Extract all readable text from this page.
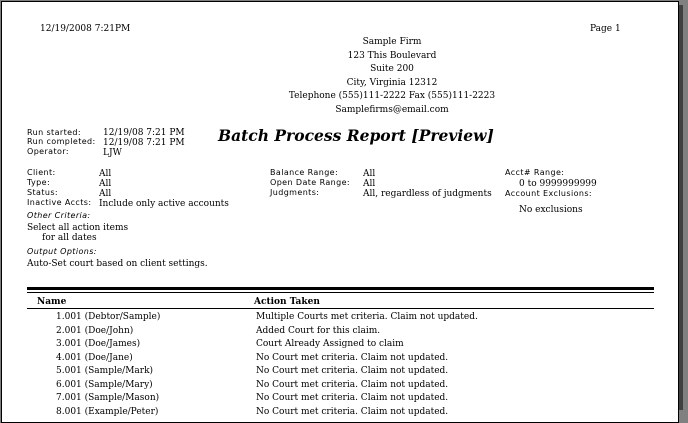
12/19/2008 7:21PM	Page 1
Sample Firm
123 This Boulevard
Suite 200
City, Virginia 12312
Telephone (555)111-2222 Fax (555)111-2223
Samplefirms@email.com
Run started: 12/19/08 7:21 PM
Run completed: 12/19/08 7:21 PM
Operator:	LJW
Batch Process Report [Preview]
Client:	All
Type:	All
Status:	All
Inactive Accts: Include only active accounts
Balance Range:	All
Open Date Range: All
Judgments:	All, regardless of judgments
Acct# Range:
0 to 9999999999
Account Exclusions:
No exclusions
Other Criteria:
Select all action items
for all dates
Output Options:
Auto-Set court based on client settings.
Name	Action Taken
1.001 (Debtor/Sample)	Multiple Courts met criteria. Claim not updated.
2.001 (Doe/John)	Added Court for this claim.
3.001 (Doe/James)	Court Already Assigned to claim
4.001 (Doe/Jane)	No Court met criteria. Claim not updated.
5.001 (Sample/Mark)	No Court met criteria. Claim not updated.
6.001 (Sample/Mary)	No Court met criteria. Claim not updated.
7.001 (Sample/Mason)	No Court met criteria. Claim not updated.
8.001 (Example/Peter)	No Court met criteria. Claim not updated.
